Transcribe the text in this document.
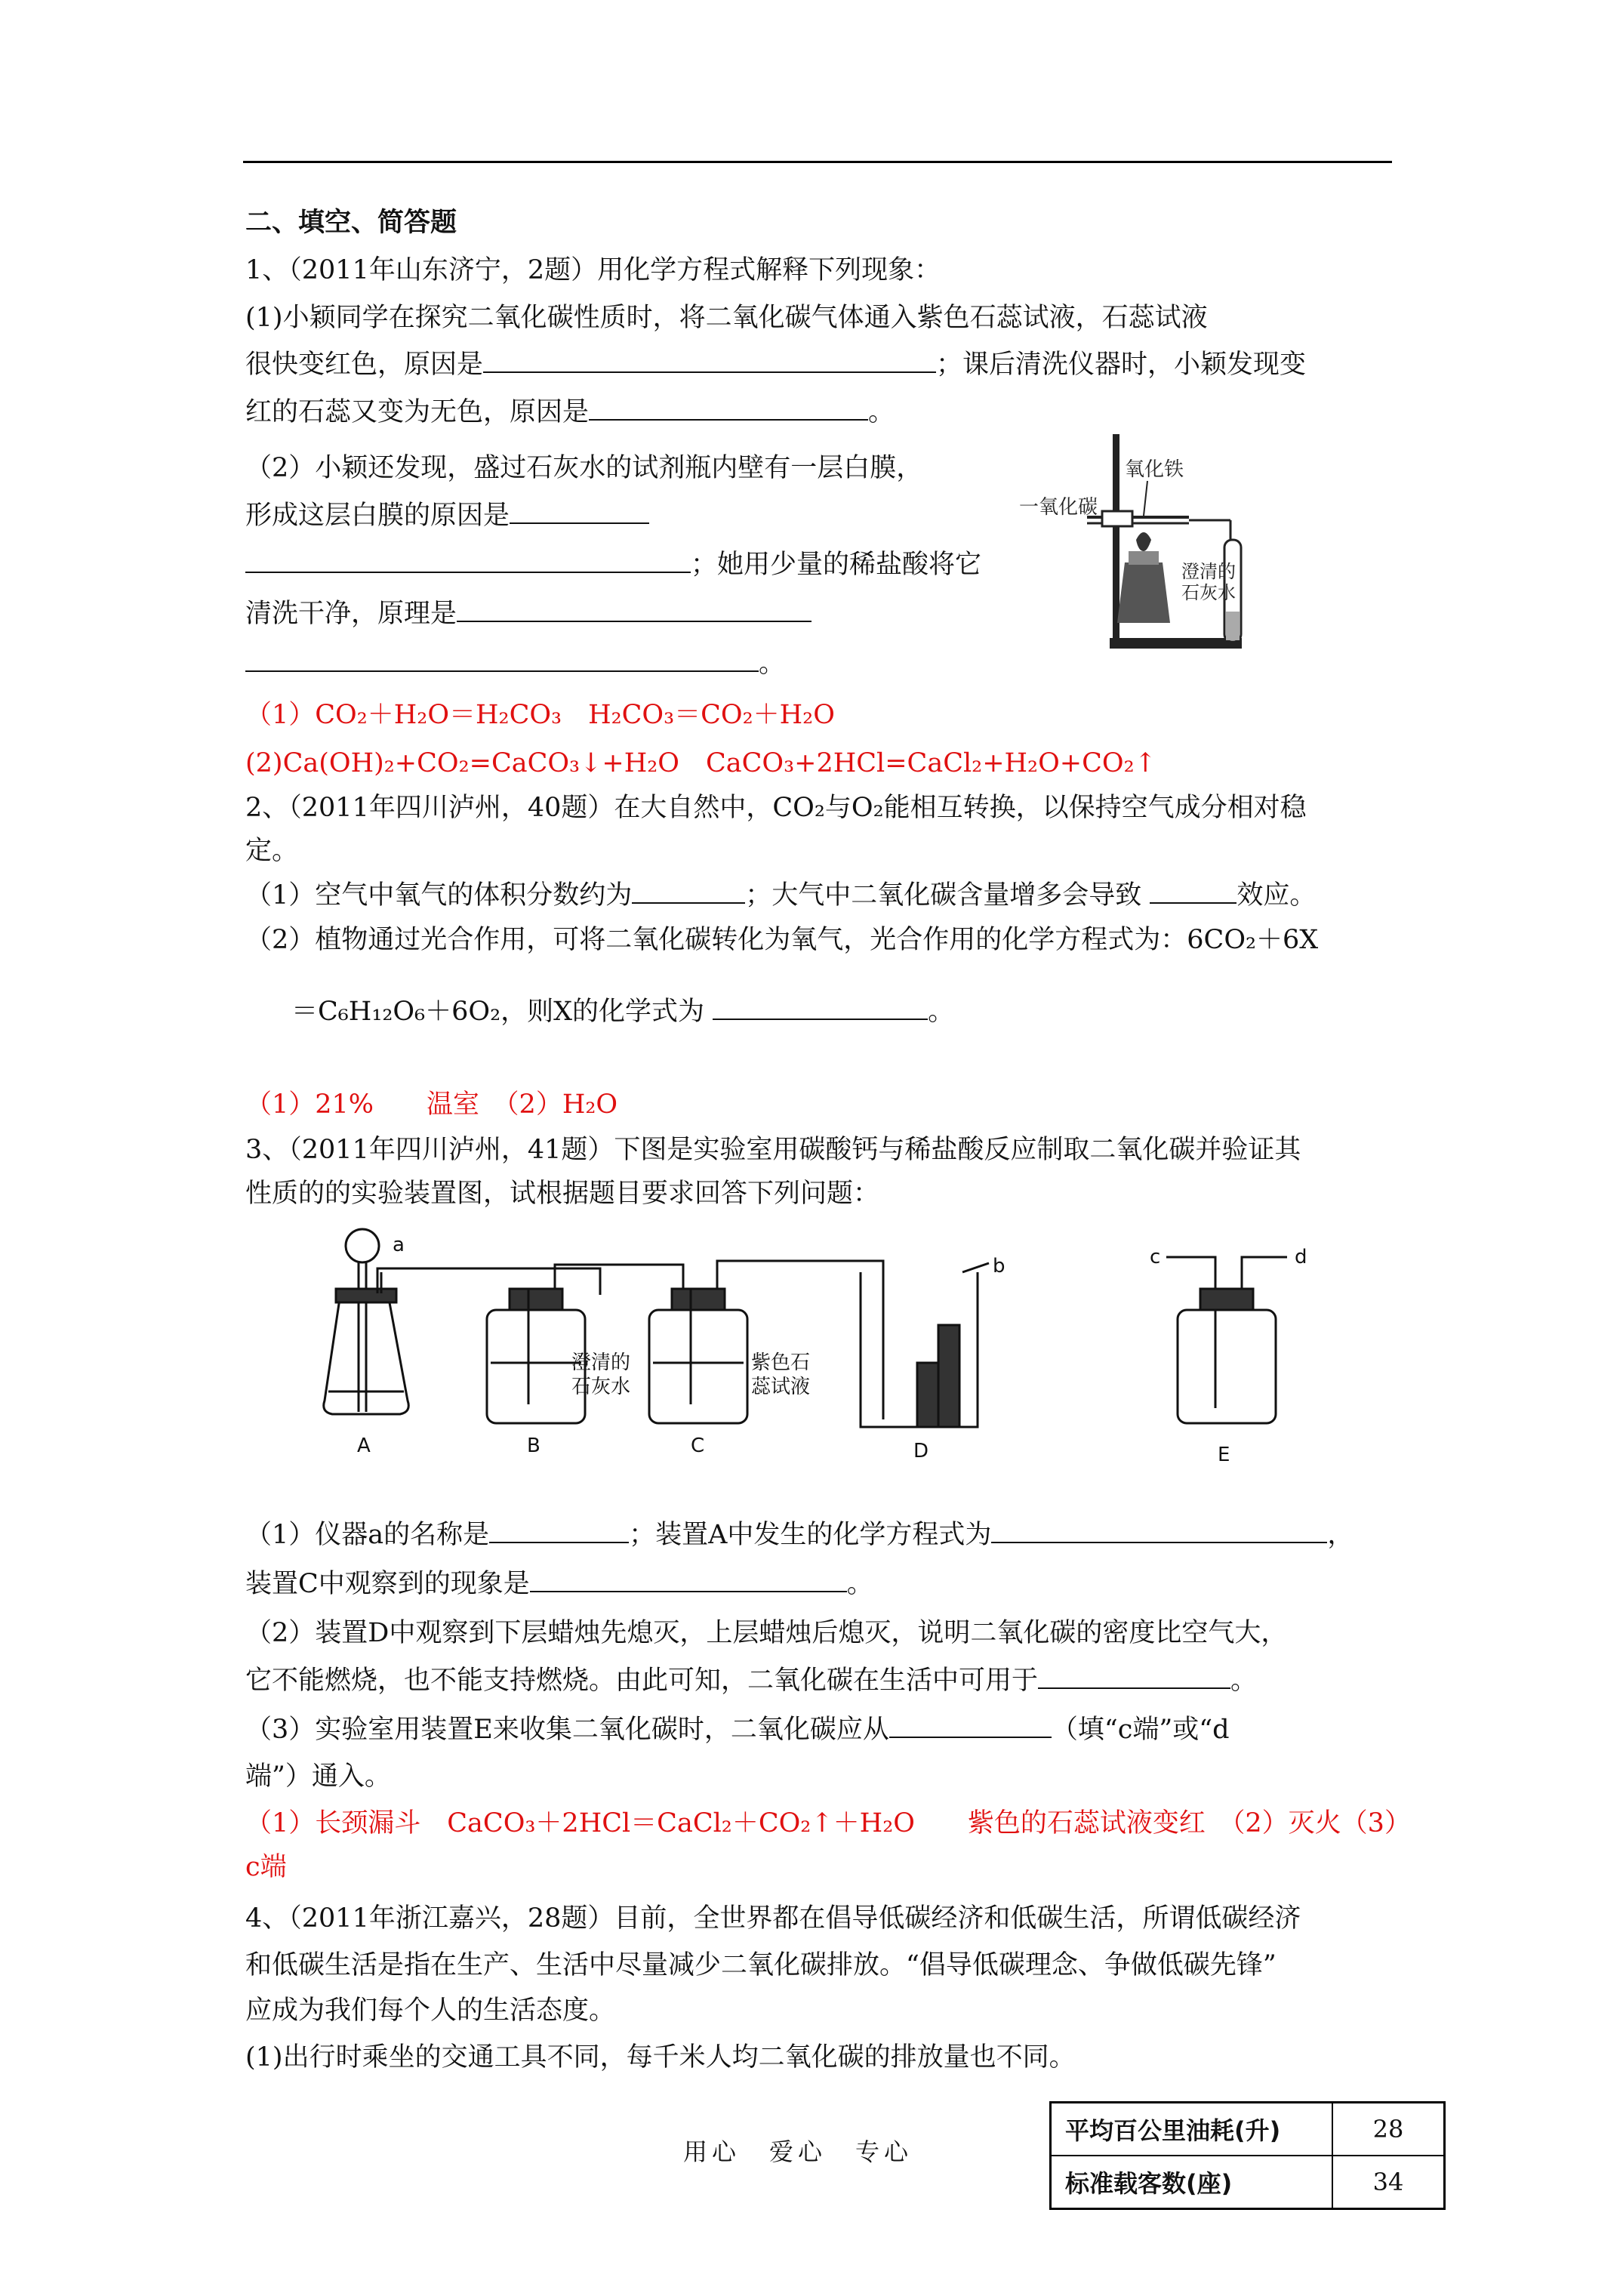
二、填空、简答题
1、（2011年山东济宁，2题）用化学方程式解释下列现象：
(1)小颖同学在探究二氧化碳性质时，将二氧化碳气体通入紫色石蕊试液，石蕊试液
很快变红色，原因是	；课后清洗仪器时，小颖发现变
红的石蕊又变为无色，原因是	。
（2）小颖还发现，盛过石灰水的试剂瓶内壁有一层白膜，
形成这层白膜的原因是
；她用少量的稀盐酸将它
清洗干净，原理是
。
氧化铁
一氧化碳
澄清的
石灰水
（1）CO₂＋H₂O＝H₂CO₃　H₂CO₃＝CO₂＋H₂O
(2)Ca(OH)₂+CO₂=CaCO₃↓+H₂O　CaCO₃+2HCl=CaCl₂+H₂O+CO₂↑
2、（2011年四川泸州，40题）在大自然中，CO₂与O₂能相互转换，以保持空气成分相对稳
定。
（1）空气中氧气的体积分数约为	；大气中二氧化碳含量增多会导致	效应。
（2）植物通过光合作用，可将二氧化碳转化为氧气，光合作用的化学方程式为：6CO₂＋6X
＝C₆H₁₂O₆＋6O₂，则X的化学式为	。
（1）21%　　温室　（2）H₂O
3、（2011年四川泸州，41题）下图是实验室用碳酸钙与稀盐酸反应制取二氧化碳并验证其
性质的的实验装置图，试根据题目要求回答下列问题：
a
b	c	d
A	B	C	D	E
澄清的
石灰水
紫色石
蕊试液
（1）仪器a的名称是	；装置A中发生的化学方程式为	，
装置C中观察到的现象是	。
（2）装置D中观察到下层蜡烛先熄灭，上层蜡烛后熄灭，说明二氧化碳的密度比空气大，
它不能燃烧，也不能支持燃烧。由此可知，二氧化碳在生活中可用于	。
（3）实验室用装置E来收集二氧化碳时，二氧化碳应从	（填“c端”或“d
端”）通入。
（1）长颈漏斗　CaCO₃＋2HCl＝CaCl₂＋CO₂↑＋H₂O　　紫色的石蕊试液变红　（2）灭火（3）
c端
4、（2011年浙江嘉兴，28题）目前，全世界都在倡导低碳经济和低碳生活，所谓低碳经济
和低碳生活是指在生产、生活中尽量减少二氧化碳排放。“倡导低碳理念、争做低碳先锋”
应成为我们每个人的生活态度。
(1)出行时乘坐的交通工具不同，每千米人均二氧化碳的排放量也不同。
平均百公里油耗(升)	28
标准载客数(座)	34
用心　爱心　专心
